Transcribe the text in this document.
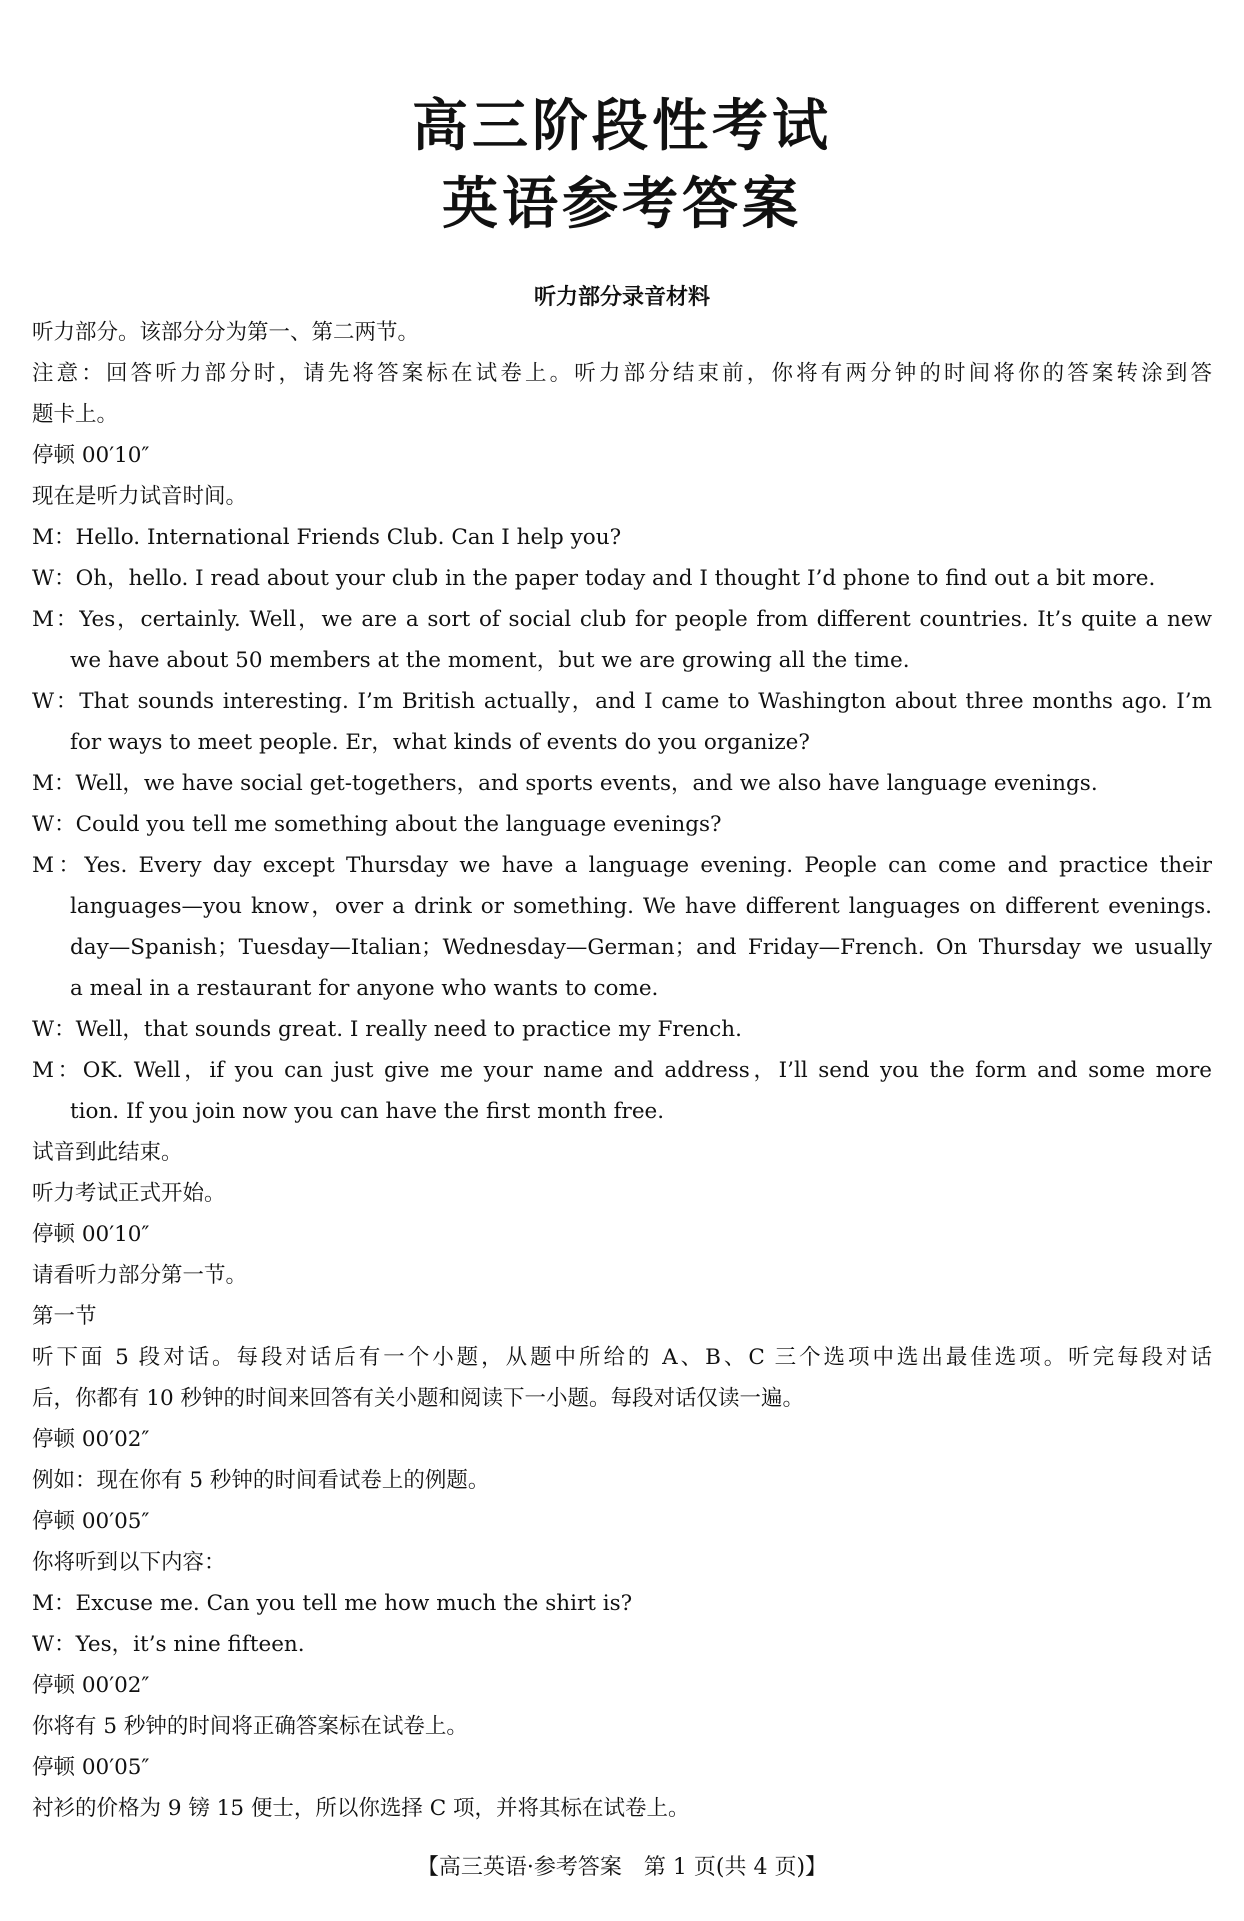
高三阶段性考试
英语参考答案
听力部分录音材料
听力部分。该部分分为第一、第二两节。
注意：回答听力部分时，请先将答案标在试卷上。听力部分结束前，你将有两分钟的时间将你的答案转涂到答
题卡上。
停顿 00′10″
现在是听力试音时间。
M：Hello. International Friends Club. Can I help you?
W：Oh，hello. I read about your club in the paper today and I thought I’d phone to find out a bit more.
M：Yes，certainly. Well，we are a sort of social club for people from different countries. It’s quite a new
we have about 50 members at the moment，but we are growing all the time.
W：That sounds interesting. I’m British actually，and I came to Washington about three months ago. I’m
for ways to meet people. Er，what kinds of events do you organize?
M：Well，we have social get-togethers，and sports events，and we also have language evenings.
W：Could you tell me something about the language evenings?
M：Yes. Every day except Thursday we have a language evening. People can come and practice their
languages—you know，over a drink or something. We have different languages on different evenings.
day—Spanish；Tuesday—Italian；Wednesday—German；and Friday—French. On Thursday we usually
a meal in a restaurant for anyone who wants to come.
W：Well，that sounds great. I really need to practice my French.
M：OK. Well，if you can just give me your name and address，I’ll send you the form and some more
tion. If you join now you can have the first month free.
试音到此结束。
听力考试正式开始。
停顿 00′10″
请看听力部分第一节。
第一节
听下面 5 段对话。每段对话后有一个小题，从题中所给的 A、B、C 三个选项中选出最佳选项。听完每段对话
后，你都有 10 秒钟的时间来回答有关小题和阅读下一小题。每段对话仅读一遍。
停顿 00′02″
例如：现在你有 5 秒钟的时间看试卷上的例题。
停顿 00′05″
你将听到以下内容：
M：Excuse me. Can you tell me how much the shirt is?
W：Yes，it’s nine fifteen.
停顿 00′02″
你将有 5 秒钟的时间将正确答案标在试卷上。
停顿 00′05″
衬衫的价格为 9 镑 15 便士，所以你选择 C 项，并将其标在试卷上。
【高三英语·参考答案　第 1 页(共 4 页)】
